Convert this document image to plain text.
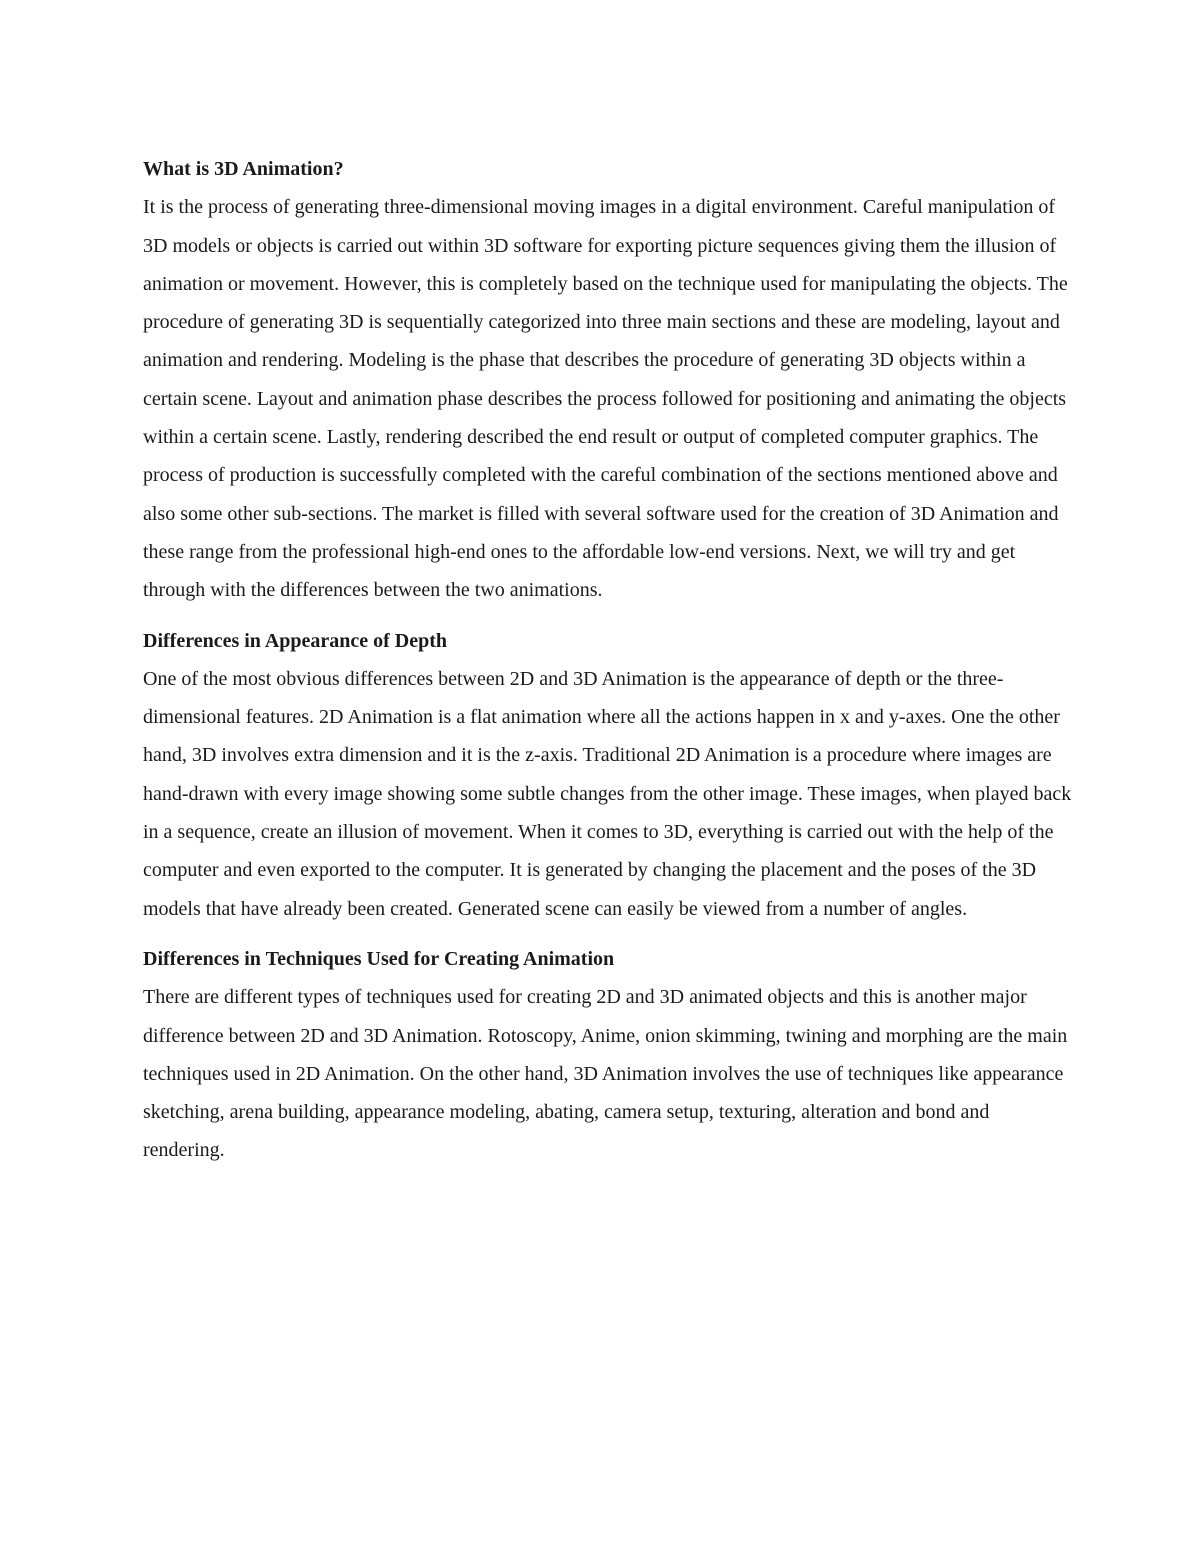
What is 3D Animation?

It is the process of generating three-dimensional moving images in a digital environment. Careful manipulation of 3D models or objects is carried out within 3D software for exporting picture sequences giving them the illusion of animation or movement. However, this is completely based on the technique used for manipulating the objects. The procedure of generating 3D is sequentially categorized into three main sections and these are modeling, layout and animation and rendering. Modeling is the phase that describes the procedure of generating 3D objects within a certain scene. Layout and animation phase describes the process followed for positioning and animating the objects within a certain scene. Lastly, rendering described the end result or output of completed computer graphics. The process of production is successfully completed with the careful combination of the sections mentioned above and also some other sub-sections. The market is filled with several software used for the creation of 3D Animation and these range from the professional high-end ones to the affordable low-end versions. Next, we will try and get through with the differences between the two animations.

Differences in Appearance of Depth

One of the most obvious differences between 2D and 3D Animation is the appearance of depth or the three-dimensional features. 2D Animation is a flat animation where all the actions happen in x and y-axes. One the other hand, 3D involves extra dimension and it is the z-axis. Traditional 2D Animation is a procedure where images are hand-drawn with every image showing some subtle changes from the other image. These images, when played back in a sequence, create an illusion of movement. When it comes to 3D, everything is carried out with the help of the computer and even exported to the computer. It is generated by changing the placement and the poses of the 3D models that have already been created. Generated scene can easily be viewed from a number of angles.

Differences in Techniques Used for Creating Animation

There are different types of techniques used for creating 2D and 3D animated objects and this is another major difference between 2D and 3D Animation. Rotoscopy, Anime, onion skimming, twining and morphing are the main techniques used in 2D Animation. On the other hand, 3D Animation involves the use of techniques like appearance sketching, arena building, appearance modeling, abating, camera setup, texturing, alteration and bond and rendering.
